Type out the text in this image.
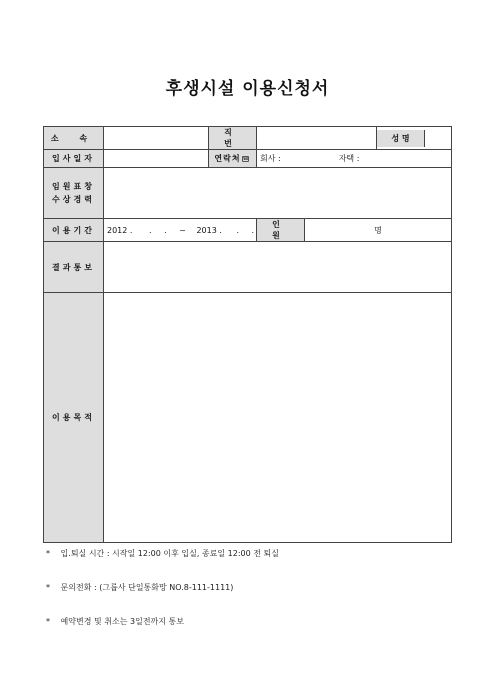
후생시설 이용신청서
소 속		직 번			성 명

입사일자		연락처 ☎ 회사 : 자택 :			

임원표창
수상경력					

이용기간	2012 . . . ~ 2013 . . .		인 원	명	
결과통보					
이용목적					
* 입.퇴실 시간 : 시작일 12:00 이후 입실, 종료일 12:00 전 퇴실
* 문의전화 : (그룹사 단일통화망 NO.8-111-1111)
* 예약변경 및 취소는 3일전까지 통보
